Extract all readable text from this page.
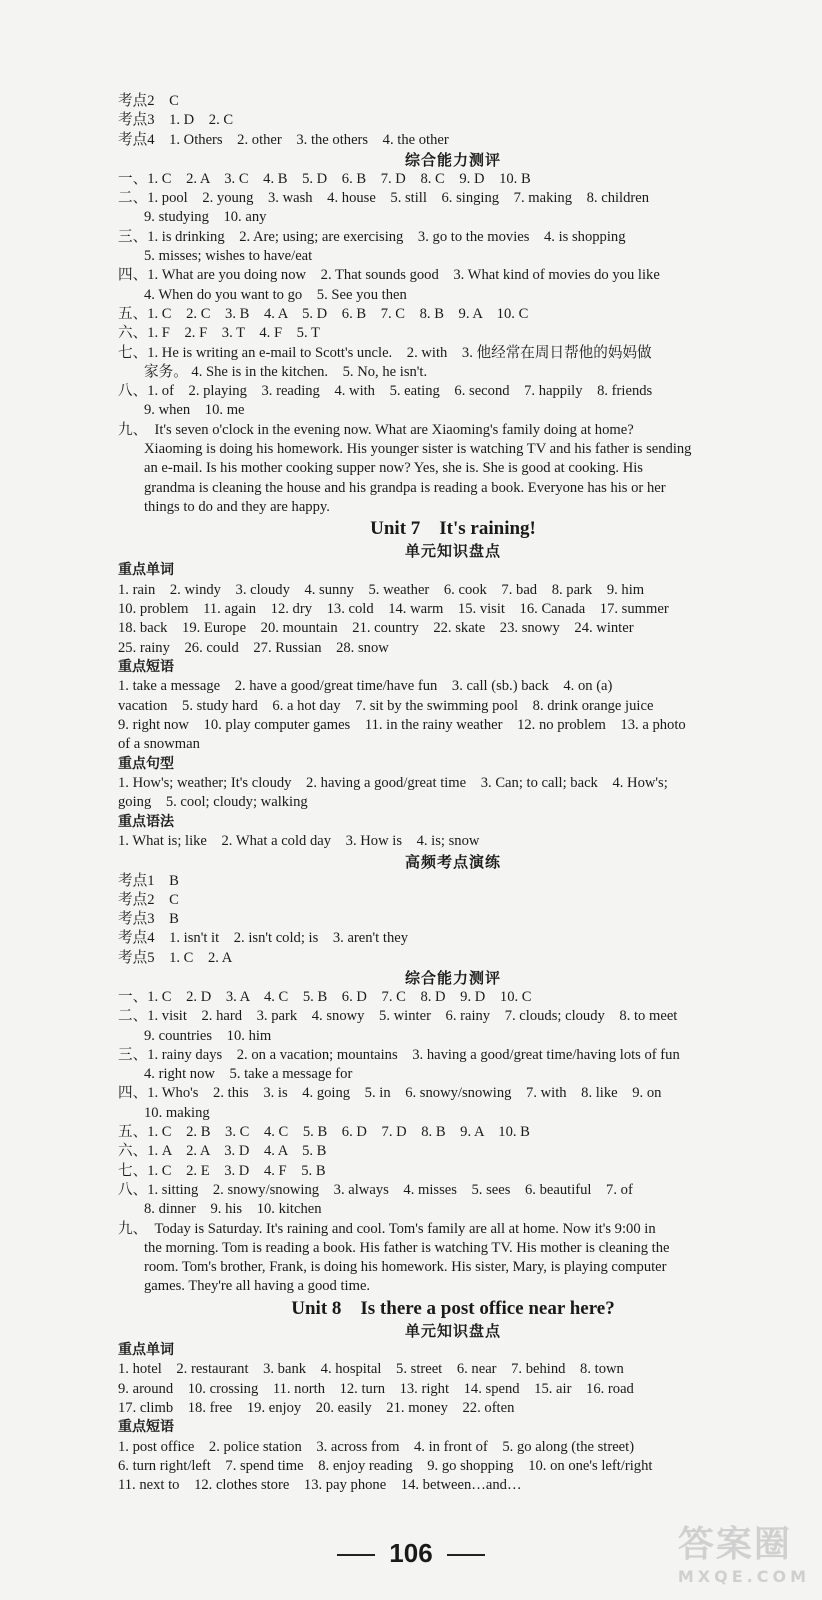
考点2　C
考点3　1. D　2. C
考点4　1. Others　2. other　3. the others　4. the other
综合能力测评
一、1. C　2. A　3. C　4. B　5. D　6. B　7. D　8. C　9. D　10. B
二、1. pool　2. young　3. wash　4. house　5. still　6. singing　7. making　8. children
9. studying　10. any
三、1. is drinking　2. Are; using; are exercising　3. go to the movies　4. is shopping
5. misses; wishes to have/eat
四、1. What are you doing now　2. That sounds good　3. What kind of movies do you like
4. When do you want to go　5. See you then
五、1. C　2. C　3. B　4. A　5. D　6. B　7. C　8. B　9. A　10. C
六、1. F　2. F　3. T　4. F　5. T
七、1. He is writing an e-mail to Scott's uncle.　2. with　3. 他经常在周日帮他的妈妈做
家务。 4. She is in the kitchen.　5. No, he isn't.
八、1. of　2. playing　3. reading　4. with　5. eating　6. second　7. happily　8. friends
9. when　10. me
九、　It's seven o'clock in the evening now. What are Xiaoming's family doing at home?
Xiaoming is doing his homework. His younger sister is watching TV and his father is sending
an e-mail. Is his mother cooking supper now? Yes, she is. She is good at cooking. His
grandma is cleaning the house and his grandpa is reading a book. Everyone has his or her
things to do and they are happy.
Unit 7　It's raining!
单元知识盘点
重点单词
1. rain　2. windy　3. cloudy　4. sunny　5. weather　6. cook　7. bad　8. park　9. him
10. problem　11. again　12. dry　13. cold　14. warm　15. visit　16. Canada　17. summer
18. back　19. Europe　20. mountain　21. country　22. skate　23. snowy　24. winter
25. rainy　26. could　27. Russian　28. snow
重点短语
1. take a message　2. have a good/great time/have fun　3. call (sb.) back　4. on (a)
vacation　5. study hard　6. a hot day　7. sit by the swimming pool　8. drink orange juice
9. right now　10. play computer games　11. in the rainy weather　12. no problem　13. a photo
of a snowman
重点句型
1. How's; weather; It's cloudy　2. having a good/great time　3. Can; to call; back　4. How's;
going　5. cool; cloudy; walking
重点语法
1. What is; like　2. What a cold day　3. How is　4. is; snow
高频考点演练
考点1　B
考点2　C
考点3　B
考点4　1. isn't it　2. isn't cold; is　3. aren't they
考点5　1. C　2. A
综合能力测评
一、1. C　2. D　3. A　4. C　5. B　6. D　7. C　8. D　9. D　10. C
二、1. visit　2. hard　3. park　4. snowy　5. winter　6. rainy　7. clouds; cloudy　8. to meet
9. countries　10. him
三、1. rainy days　2. on a vacation; mountains　3. having a good/great time/having lots of fun
4. right now　5. take a message for
四、1. Who's　2. this　3. is　4. going　5. in　6. snowy/snowing　7. with　8. like　9. on
10. making
五、1. C　2. B　3. C　4. C　5. B　6. D　7. D　8. B　9. A　10. B
六、1. A　2. A　3. D　4. A　5. B
七、1. C　2. E　3. D　4. F　5. B
八、1. sitting　2. snowy/snowing　3. always　4. misses　5. sees　6. beautiful　7. of
8. dinner　9. his　10. kitchen
九、　Today is Saturday. It's raining and cool. Tom's family are all at home. Now it's 9:00 in
the morning. Tom is reading a book. His father is watching TV. His mother is cleaning the
room. Tom's brother, Frank, is doing his homework. His sister, Mary, is playing computer
games. They're all having a good time.
Unit 8　Is there a post office near here?
单元知识盘点
重点单词
1. hotel　2. restaurant　3. bank　4. hospital　5. street　6. near　7. behind　8. town
9. around　10. crossing　11. north　12. turn　13. right　14. spend　15. air　16. road
17. climb　18. free　19. enjoy　20. easily　21. money　22. often
重点短语
1. post office　2. police station　3. across from　4. in front of　5. go along (the street)
6. turn right/left　7. spend time　8. enjoy reading　9. go shopping　10. on one's left/right
11. next to　12. clothes store　13. pay phone　14. between…and…
106	答案圈
MXQE.COM
